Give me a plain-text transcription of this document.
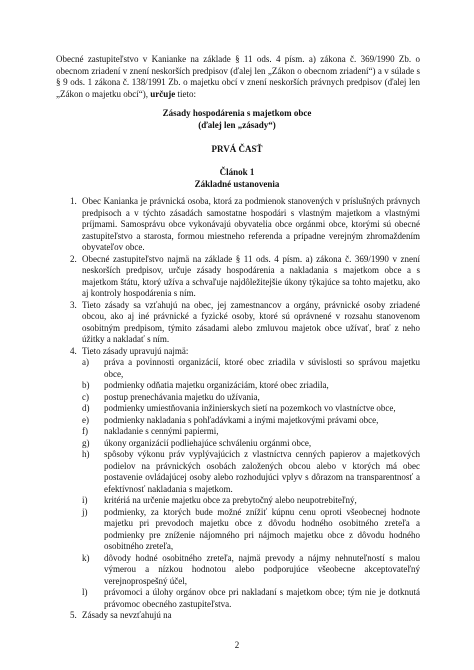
Obecné zastupiteľstvo v Kanianke na základe § 11 ods. 4 písm. a) zákona č. 369/1990 Zb. o obecnom zriadení v znení neskorších predpisov (ďalej len „Zákon o obecnom zriadení“) a v súlade s § 9 ods. 1 zákona č. 138/1991 Zb. o majetku obcí v znení neskorších právnych predpisov (ďalej len „Zákon o majetku obcí“), určuje tieto:

Zásady hospodárenia s majetkom obce
(ďalej len „zásady“)
PRVÁ ČASŤ
Článok 1
Základné ustanovenia
1. Obec Kanianka je právnická osoba, ktorá za podmienok stanovených v príslušných právnych predpisoch a v týchto zásadách samostatne hospodári s vlastným majetkom a vlastnými príjmami. Samosprávu obce vykonávajú obyvatelia obce orgánmi obce, ktorými sú obecné zastupiteľstvo a starosta, formou miestneho referenda a prípadne verejným zhromaždením obyvateľov obce.
2. Obecné zastupiteľstvo najmä na základe § 11 ods. 4 písm. a) zákona č. 369/1990 v znení neskorších predpisov, určuje zásady hospodárenia a nakladania s majetkom obce a s majetkom štátu, ktorý užíva a schvaľuje najdôležitejšie úkony týkajúce sa tohto majetku, ako aj kontroly hospodárenia s ním.
3. Tieto zásady sa vzťahujú na obec, jej zamestnancov a orgány, právnické osoby zriadené obcou, ako aj iné právnické a fyzické osoby, ktoré sú oprávnené v rozsahu stanovenom osobitným predpisom, týmito zásadami alebo zmluvou majetok obce užívať, brať z neho úžitky a nakladať s ním.
4. Tieto zásady upravujú najmä:
a) práva a povinnosti organizácií, ktoré obec zriadila v súvislosti so správou majetku obce,
b) podmienky odňatia majetku organizáciám, ktoré obec zriadila,
c) postup prenechávania majetku do užívania,
d) podmienky umiestňovania inžinierskych sietí na pozemkoch vo vlastníctve obce,
e) podmienky nakladania s pohľadávkami a inými majetkovými právami obce,
f) nakladanie s cennými papiermi,
g) úkony organizácií podliehajúce schváleniu orgánmi obce,
h) spôsoby výkonu práv vyplývajúcich z vlastníctva cenných papierov a majetkových podielov na právnických osobách založených obcou alebo v ktorých má obec postavenie ovládajúcej osoby alebo rozhodujúci vplyv s dôrazom na transparentnosť a efektívnosť nakladania s majetkom.
i) kritériá na určenie majetku obce za prebytočný alebo neupotrebiteľný,
j) podmienky, za ktorých bude možné znížiť kúpnu cenu oproti všeobecnej hodnote majetku pri prevodoch majetku obce z dôvodu hodného osobitného zreteľa a podmienky pre zníženie nájomného pri nájmoch majetku obce z dôvodu hodného osobitného zreteľa,
k) dôvody hodné osobitného zreteľa, najmä prevody a nájmy nehnuteľností s malou výmerou a nízkou hodnotou alebo podporujúce všeobecne akceptovateľný verejnoprospešný účel,
l) právomoci a úlohy orgánov obce pri nakladaní s majetkom obce; tým nie je dotknutá právomoc obecného zastupiteľstva.
5. Zásady sa nevzťahujú na
2
